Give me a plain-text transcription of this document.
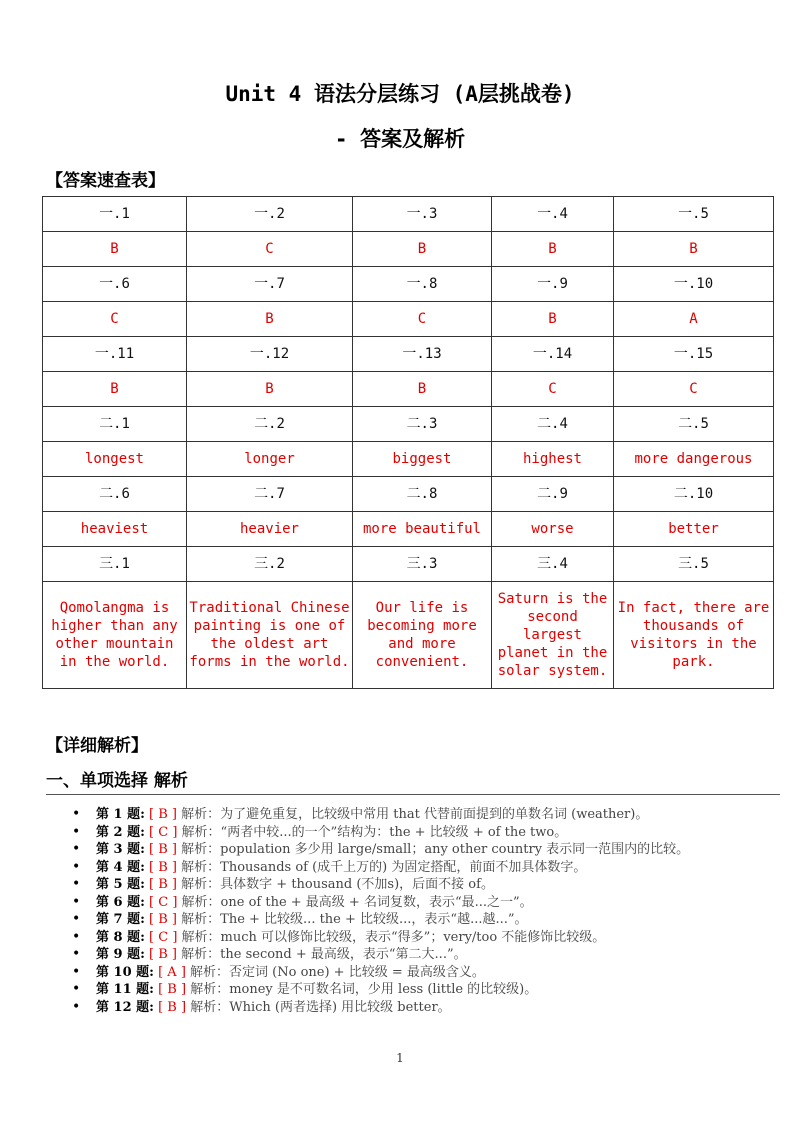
Unit 4 语法分层练习 (A层挑战卷)
- 答案及解析
【答案速查表】
一.1	一.2	一.3	一.4	一.5
B	C	B	B	B
一.6	一.7	一.8	一.9	一.10
C	B	C	B	A
一.11	一.12	一.13	一.14	一.15
B	B	B	C	C
二.1	二.2	二.3	二.4	二.5
longest	longer	biggest	highest	more dangerous
二.6	二.7	二.8	二.9	二.10
heaviest	heavier	more beautiful	worse	better
三.1	三.2	三.3	三.4	三.5
Qomolangma is higher than any other mountain in the world.	Traditional Chinese painting is one of the oldest art forms in the world.	Our life is becoming more and more convenient.	Saturn is the second largest planet in the solar system.	In fact, there are thousands of visitors in the park.
【详细解析】
一、单项选择 解析
• 第 1 题: [ B ] 解析：为了避免重复，比较级中常用 that 代替前面提到的单数名词 (weather)。
• 第 2 题: [ C ] 解析：“两者中较...的一个”结构为：the + 比较级 + of the two。
• 第 3 题: [ B ] 解析：population 多少用 large/small；any other country 表示同一范围内的比较。
• 第 4 题: [ B ] 解析：Thousands of (成千上万的) 为固定搭配，前面不加具体数字。
• 第 5 题: [ B ] 解析：具体数字 + thousand (不加s)，后面不接 of。
• 第 6 题: [ C ] 解析：one of the + 最高级 + 名词复数，表示“最...之一”。
• 第 7 题: [ B ] 解析：The + 比较级... the + 比较级...，表示“越...越...”。
• 第 8 题: [ C ] 解析：much 可以修饰比较级，表示“得多”；very/too 不能修饰比较级。
• 第 9 题: [ B ] 解析：the second + 最高级，表示“第二大...”。
• 第 10 题: [ A ] 解析：否定词 (No one) + 比较级 = 最高级含义。
• 第 11 题: [ B ] 解析：money 是不可数名词，少用 less (little 的比较级)。
• 第 12 题: [ B ] 解析：Which (两者选择) 用比较级 better。
1
